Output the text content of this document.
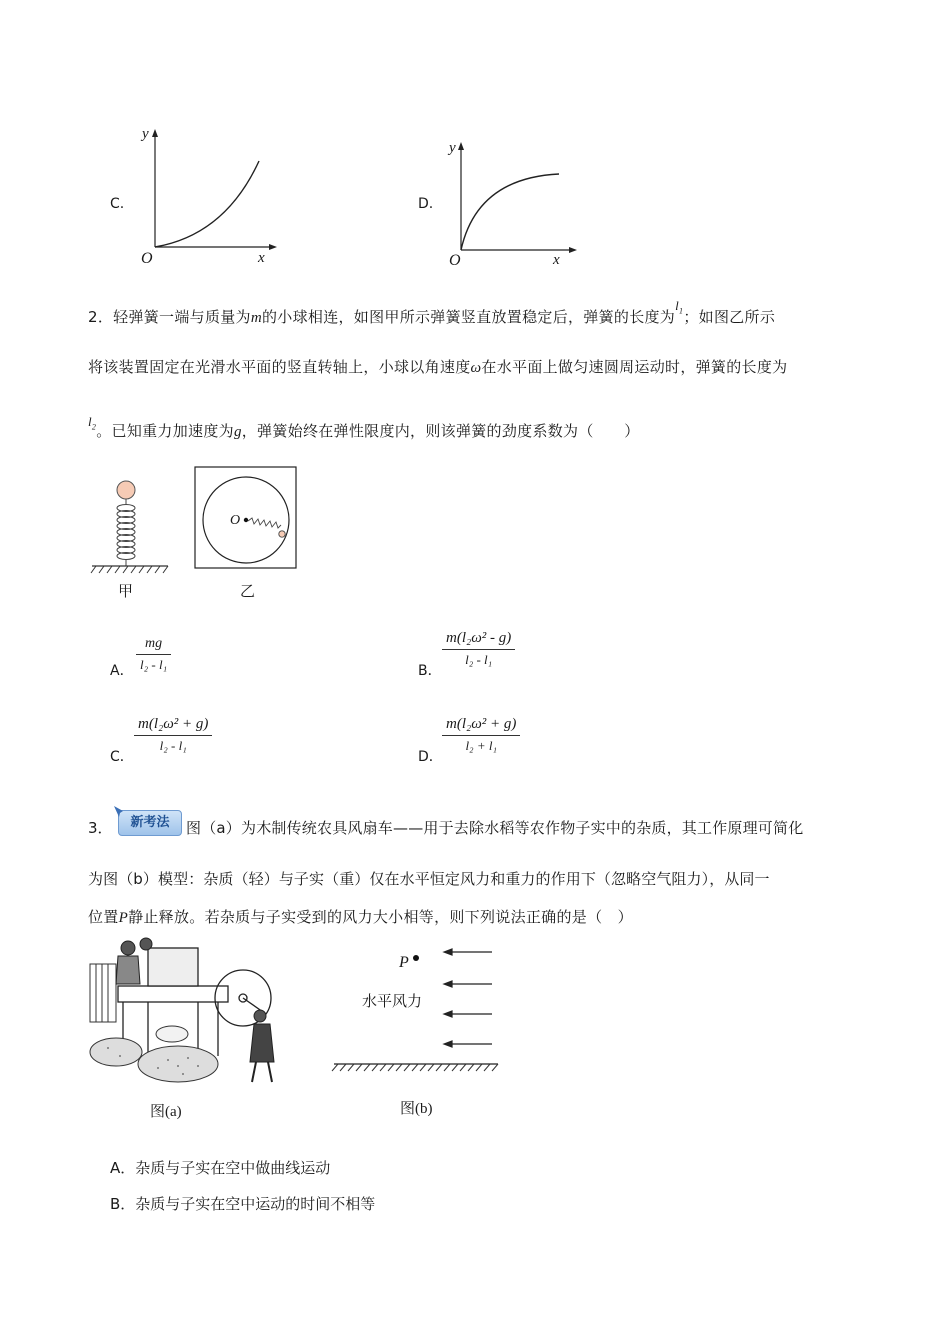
C.
y
x
O
D.
y
x
O
2．轻弹簧一端与质量为m的小球相连，如图甲所示弹簧竖直放置稳定后，弹簧的长度为$l_1$；如图乙所示
将该装置固定在光滑水平面的竖直转轴上，小球以角速度ω在水平面上做匀速圆周运动时，弹簧的长度为
$l_2$。已知重力加速度为g，弹簧始终在弹性限度内，则该弹簧的劲度系数为（　　）
甲
O
乙
A．
mg
l₂ - l₁	B．
m(l₂ω² - g)
l₂ - l₁
C．
m(l₂ω² + g)
l₂ - l₁
D．
m(l₂ω² + g)
l₂ + l₁
3．	新考法	图（a）为木制传统农具风扇车——用于去除水稻等农作物子实中的杂质，其工作原理可简化
为图（b）模型：杂质（轻）与子实（重）仅在水平恒定风力和重力的作用下（忽略空气阻力），从同一
位置P静止释放。若杂质与子实受到的风力大小相等，则下列说法正确的是（　）
图(a)
P
水平风力
图(b)
A．杂质与子实在空中做曲线运动
B．杂质与子实在空中运动的时间不相等
